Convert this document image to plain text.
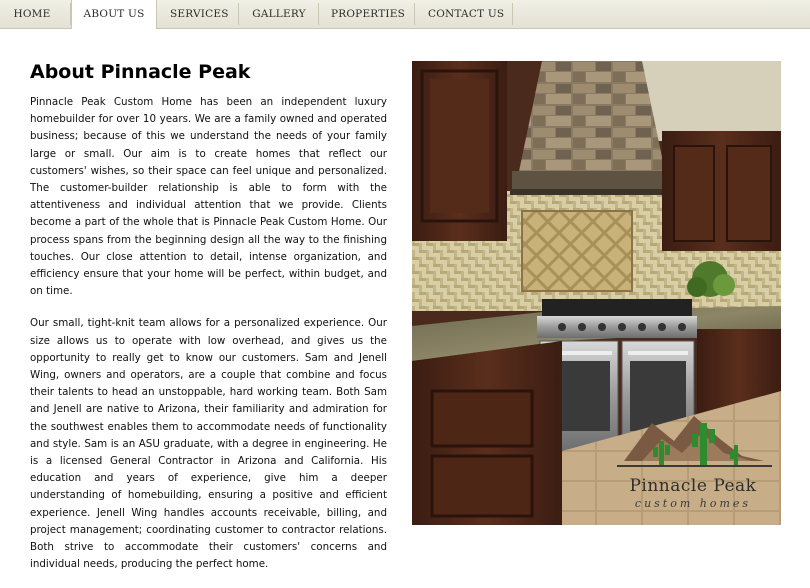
HOME	ABOUT US	SERVICES GALLERY PROPERTIES CONTACT US
About Pinnacle Peak

Pinnacle Peak Custom Home has been an independent luxury homebuilder for over 10 years. We are a family owned and operated business; because of this we understand the needs of your family large or small. Our aim is to create homes that reflect our customers' wishes, so their space can feel unique and personalized. The customer-builder relationship is able to form with the attentiveness and individual attention that we provide. Clients become a part of the whole that is Pinnacle Peak Custom Home. Our process spans from the beginning design all the way to the finishing touches. Our close attention to detail, intense organization, and efficiency ensure that your home will be perfect, within budget, and on time.

Our small, tight-knit team allows for a personalized experience. Our size allows us to operate with low overhead, and gives us the opportunity to really get to know our customers. Sam and Jenell Wing, owners and operators, are a couple that combine and focus their talents to head an unstoppable, hard working team. Both Sam and Jenell are native to Arizona, their familiarity and admiration for the southwest enables them to accommodate needs of functionality and style. Sam is an ASU graduate, with a degree in engineering. He is a licensed General Contractor in Arizona and California. His education and years of experience, give him a deeper understanding of homebuilding, ensuring a positive and efficient experience. Jenell Wing handles accounts receivable, billing, and project management; coordinating customer to contractor relations. Both strive to accommodate their customers' concerns and individual needs, producing the perfect home.

Pinnacle Peak
custom homes
